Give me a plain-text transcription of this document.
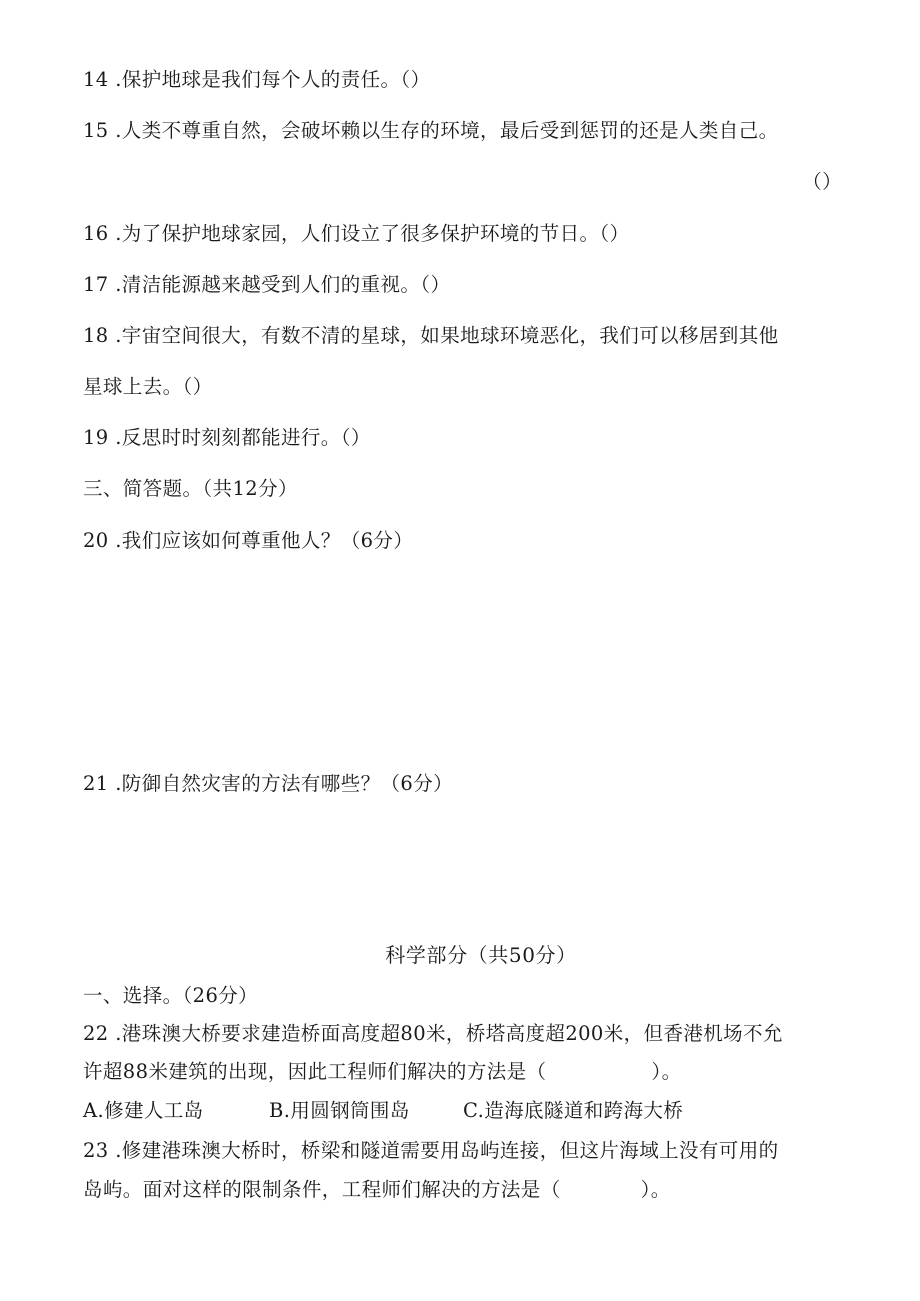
14 .保护地球是我们每个人的责任。（）
15 .人类不尊重自然，会破坏赖以生存的环境，最后受到惩罚的还是人类自己。
（）
16 .为了保护地球家园，人们设立了很多保护环境的节日。（）
17 .清洁能源越来越受到人们的重视。（）
18 .宇宙空间很大，有数不清的星球，如果地球环境恶化，我们可以移居到其他
星球上去。（）
19 .反思时时刻刻都能进行。（）
三、简答题。（共12分）
20 .我们应该如何尊重他人？（6分）
21 .防御自然灾害的方法有哪些？（6分）
科学部分（共50分）
一、选择。（26分）
22 .港珠澳大桥要求建造桥面高度超80米，桥塔高度超200米，但香港机场不允
许超88米建筑的出现，因此工程师们解决的方法是（	）。
A.修建人工岛	B.用圆钢筒围岛	C.造海底隧道和跨海大桥
23 .修建港珠澳大桥时，桥梁和隧道需要用岛屿连接，但这片海域上没有可用的
岛屿。面对这样的限制条件，工程师们解决的方法是（	）。
